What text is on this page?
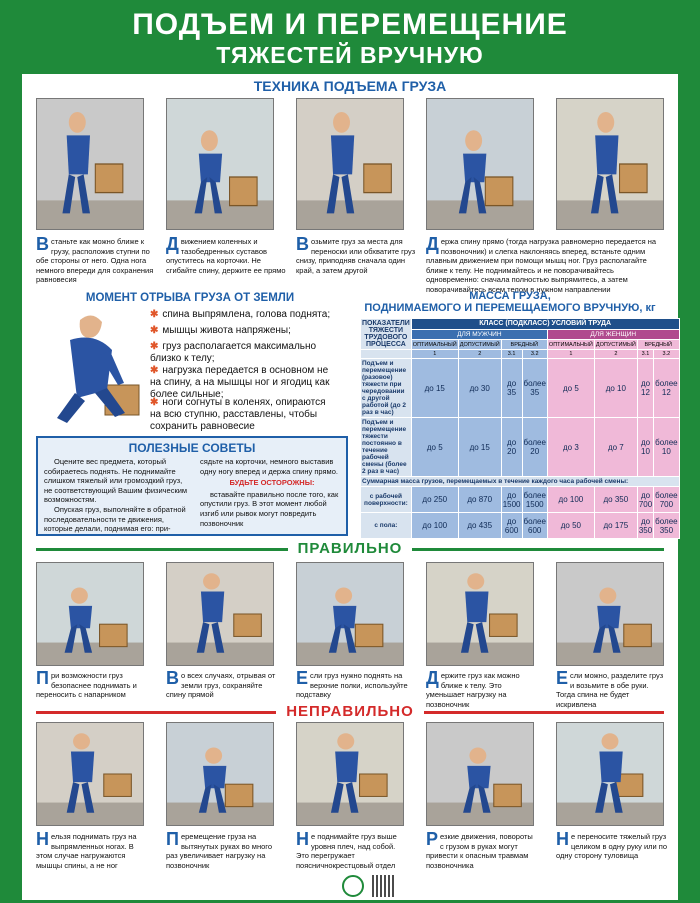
ПОДЪЕМ И ПЕРЕМЕЩЕНИЕ
ТЯЖЕСТЕЙ ВРУЧНУЮ
ТЕХНИКА ПОДЪЕМА ГРУЗА
Встаньте как можно ближе к грузу, расположив ступни по обе стороны от него. Одна нога немного впереди для сохранения равновесия
Движением коленных и тазобедренных суставов опуститесь на корточки. Не сгибайте спину, держите ее прямо
Возьмите груз за места для переноски или обхватите груз снизу, приподняв сначала один край, а затем другой
Держа спину прямо (тогда нагрузка равномерно передается на позвоночник) и слегка наклоняясь вперед, встаньте одним плавным движением при помощи мышц ног. Груз располагайте ближе к телу. Не поднимайтесь и не поворачивайтесь одновременно: сначала полностью выпрямитесь, а затем поворачивайтесь всем телом в нужном направлении
МОМЕНТ ОТРЫВА ГРУЗА ОТ ЗЕМЛИ
✱ спина выпрямлена, голова поднята;
✱ мышцы живота напряжены;
✱ груз располагается максимально близко к телу;
✱ нагрузка передается в основном не на спину, а на мышцы ног и ягодиц как более сильные;
✱ ноги согнуты в коленях, опираются на всю ступню, расставлены, чтобы сохранить равновесие
ПОЛЕЗНЫЕ СОВЕТЫ

Оцените вес предмета, который собираетесь поднять. Не поднимайте слишком тяжелый или громоздкий груз, не соответствующий Вашим физическим возможностям.

Опуская груз, выполняйте в обратной последовательности те движения, которые делали, поднимая его: при-

сядьте на корточки, немного выставив одну ногу вперед и держа спину прямо.

БУДЬТЕ ОСТОРОЖНЫ:

вставайте правильно после того, как опустили груз. В этот момент любой изгиб или рывок могут повредить позвоночник

МАССА ГРУЗА,
ПОДНИМАЕМОГО И ПЕРЕМЕЩАЕМОГО ВРУЧНУЮ, кг
ПОКАЗАТЕЛИ ТЯЖЕСТИ ТРУДОВОГО ПРОЦЕССА	КЛАСС (ПОДКЛАСС) УСЛОВИЙ ТРУДА							
	ДЛЯ МУЖЧИН				ДЛЯ ЖЕНЩИН			
	ОПТИМАЛЬНЫЙ	ДОПУСТИМЫЙ	ВРЕДНЫЙ		ОПТИМАЛЬНЫЙ	ДОПУСТИМЫЙ	ВРЕДНЫЙ	
	1	2	3.1	3.2	1	2	3.1	3.2
Подъем и перемещение (разовое) тяжести при чередовании с другой работой (до 2 раз в час)	до 15	до 30	до 35	более 35	до 5	до 10	до 12	более 12
Подъем и перемещение тяжести постоянно в течение рабочей смены (более 2 раз в час)	до 5	до 15	до 20	более 20	до 3	до 7	до 10	более 10
Суммарная масса грузов, перемещаемых в течение каждого часа рабочей смены:								
с рабочей поверхности:	до 250	до 870	до 1500	более 1500	до 100	до 350	до 700	более 700
с пола:	до 100	до 435	до 600	более 600	до 50	до 175	до 350	более 350
ПРАВИЛЬНО
При возможности груз безопаснее поднимать и переносить с напарником
Во всех случаях, отрывая от земли груз, сохраняйте спину прямой
Если груз нужно поднять на верхние полки, используйте подставку
Держите груз как можно ближе к телу. Это уменьшает нагрузку на позвоночник
Если можно, разделите груз и возьмите в обе руки. Тогда спина не будет искривлена
НЕПРАВИЛЬНО
Нельзя поднимать груз на выпрямленных ногах. В этом случае нагружаются мышцы спины, а не ног
Перемещение груза на вытянутых руках во много раз увеличивает нагрузку на позвоночник
Не поднимайте груз выше уровня плеч, над собой. Это перегружает поясничнокрестцовый отдел
Резкие движения, повороты с грузом в руках могут привести к опасным травмам позвоночника
Не переносите тяжелый груз целиком в одну руку или по одну сторону туловища
